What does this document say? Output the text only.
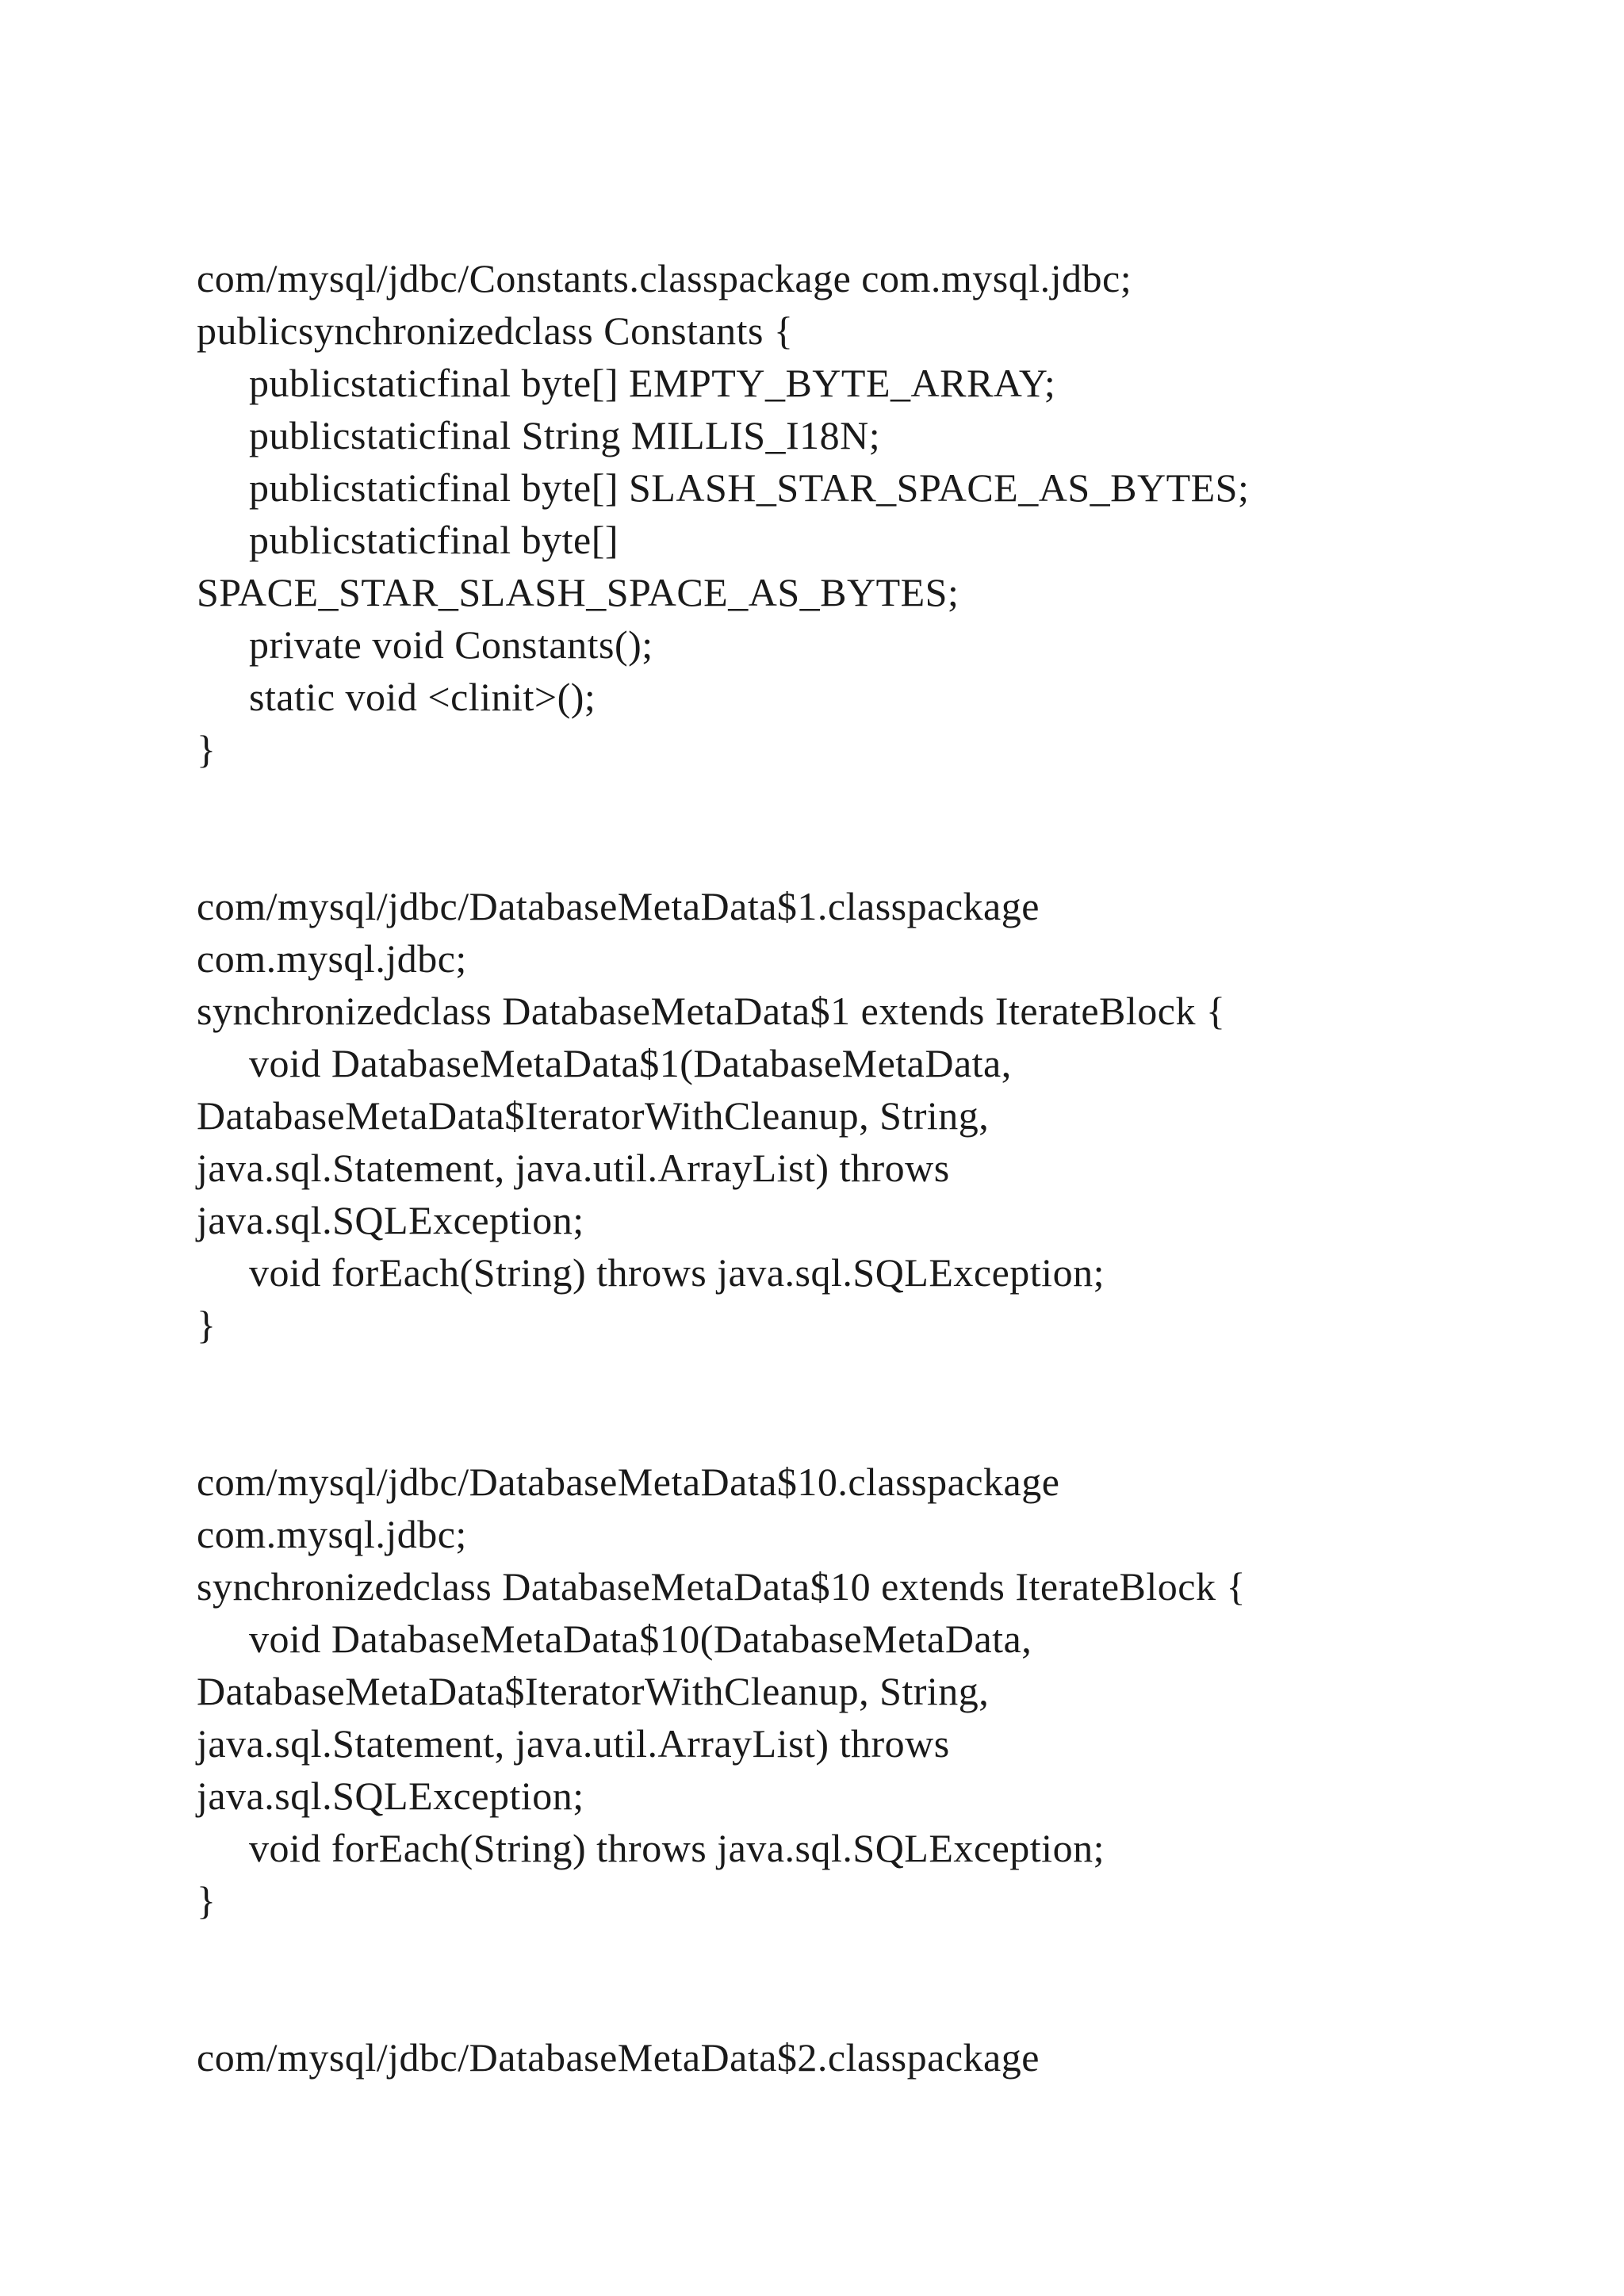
com/mysql/jdbc/Constants.classpackage com.mysql.jdbc;
publicsynchronizedclass Constants {
publicstaticfinal byte[] EMPTY_BYTE_ARRAY;
publicstaticfinal String MILLIS_I18N;
publicstaticfinal byte[] SLASH_STAR_SPACE_AS_BYTES;
publicstaticfinal byte[]
SPACE_STAR_SLASH_SPACE_AS_BYTES;
private void Constants();
static void <clinit>();
}
com/mysql/jdbc/DatabaseMetaData$1.classpackage
com.mysql.jdbc;
synchronizedclass DatabaseMetaData$1 extends IterateBlock {
void DatabaseMetaData$1(DatabaseMetaData,
DatabaseMetaData$IteratorWithCleanup, String,
java.sql.Statement, java.util.ArrayList) throws
java.sql.SQLException;
void forEach(String) throws java.sql.SQLException;
}
com/mysql/jdbc/DatabaseMetaData$10.classpackage
com.mysql.jdbc;
synchronizedclass DatabaseMetaData$10 extends IterateBlock {
void DatabaseMetaData$10(DatabaseMetaData,
DatabaseMetaData$IteratorWithCleanup, String,
java.sql.Statement, java.util.ArrayList) throws
java.sql.SQLException;
void forEach(String) throws java.sql.SQLException;
}
com/mysql/jdbc/DatabaseMetaData$2.classpackage
